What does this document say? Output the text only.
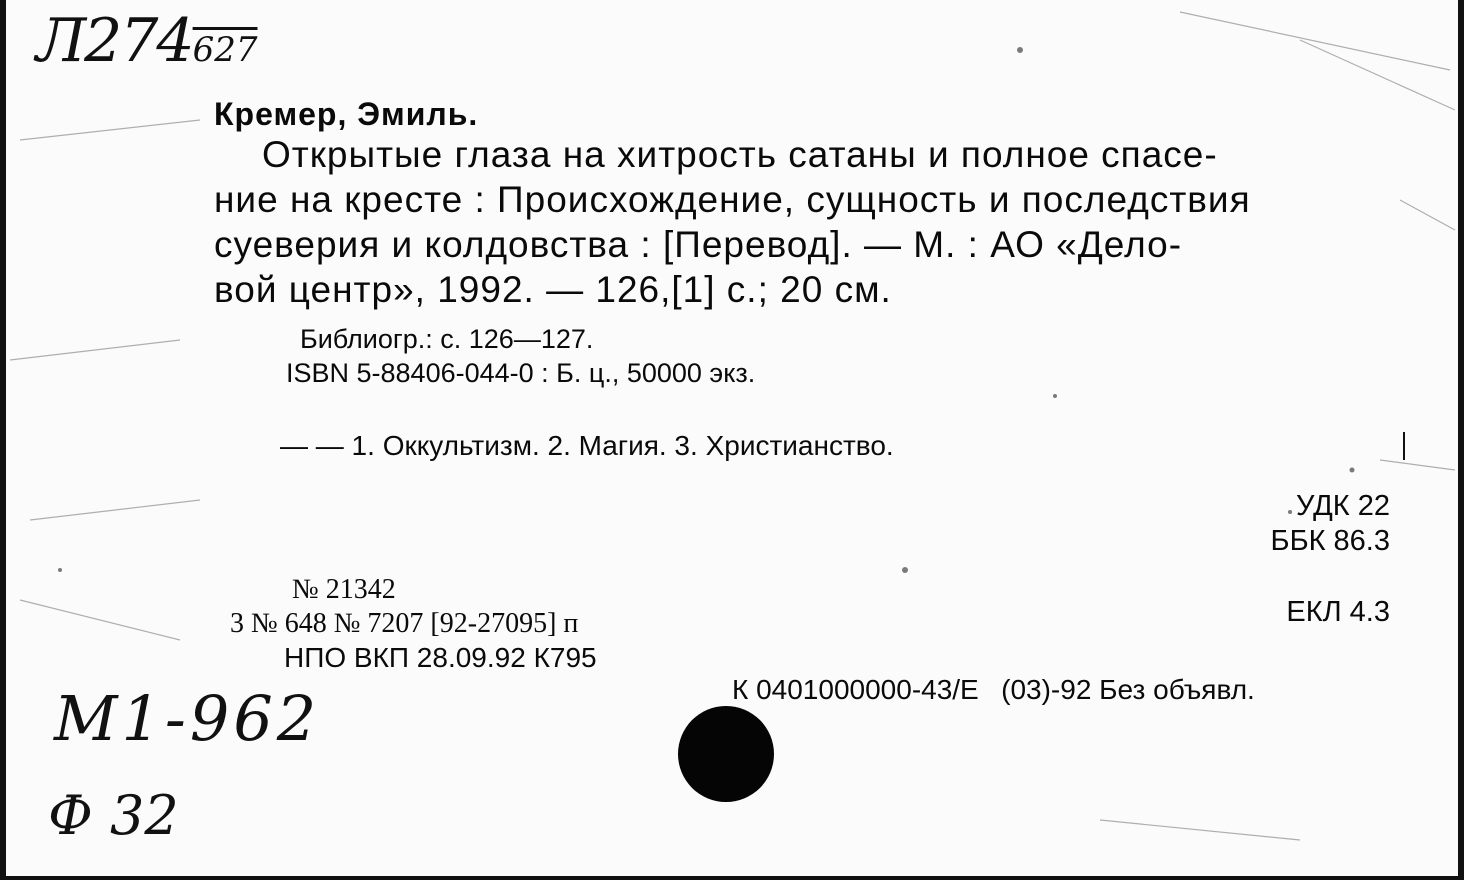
Л274627
Кремер, Эмиль.
Открытые глаза на хитрость сатаны и полное спасе-
ние на кресте : Происхождение, сущность и последствия
суеверия и колдовства : [Перевод]. — М. : АО «Дело-
вой центр», 1992. — 126,[1] с.; 20 см.
Библиогр.: с. 126—127.
ISBN 5-88406-044-0 : Б. ц., 50000 экз.
— — 1. Оккультизм. 2. Магия. 3. Христианство.
УДК 22
ББК 86.3
ЕКЛ 4.3
№ 21342
3 № 648 № 7207 [92-27095] п
НПО ВКП 28.09.92 К795
К 0401000000-43/Е(03)-92 Без объявл.
М1-962
Ф 32
